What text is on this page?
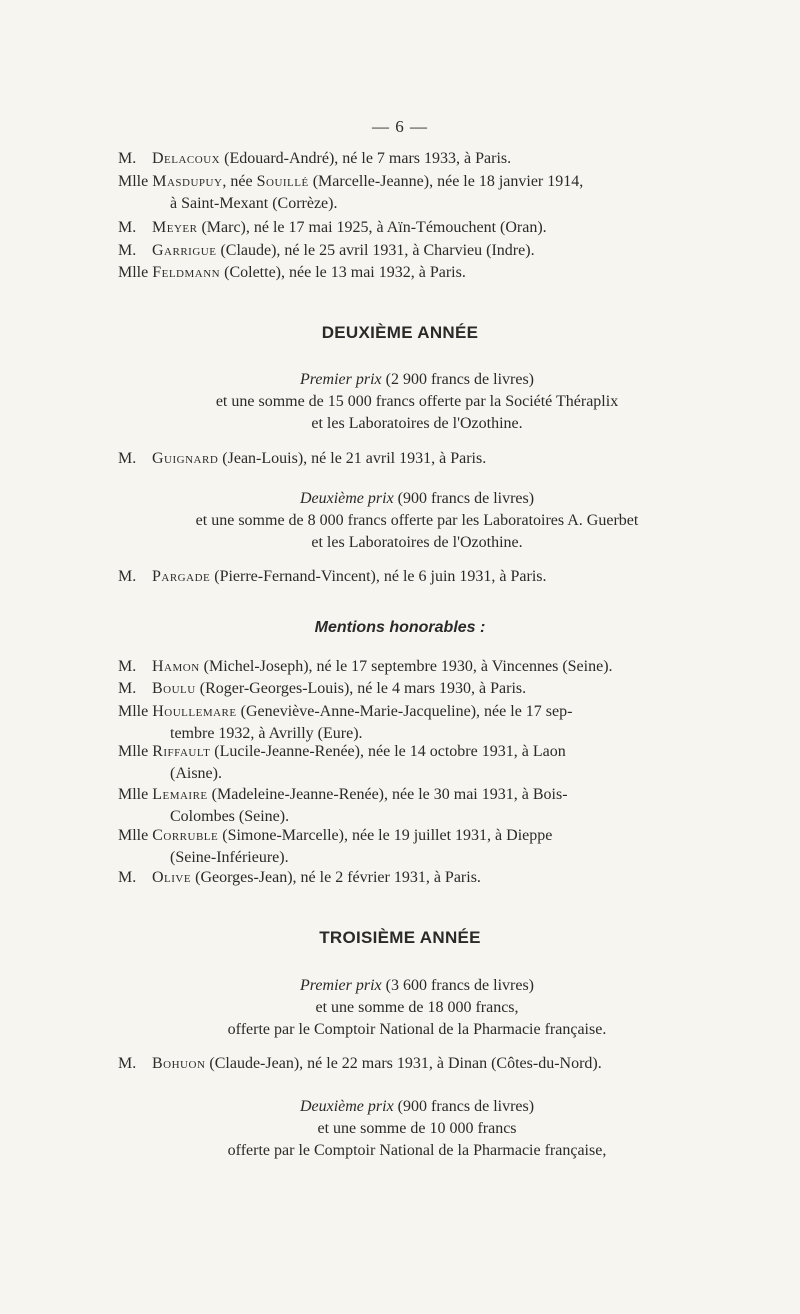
— 6 —
M. Delacoux (Edouard-André), né le 7 mars 1933, à Paris.
Mlle Masdupuy, née Souillé (Marcelle-Jeanne), née le 18 janvier 1914,
à Saint-Mexant (Corrèze).
M. Meyer (Marc), né le 17 mai 1925, à Aïn-Témouchent (Oran).
M. Garrigue (Claude), né le 25 avril 1931, à Charvieu (Indre).
Mlle Feldmann (Colette), née le 13 mai 1932, à Paris.
DEUXIÈME ANNÉE
Premier prix (2 900 francs de livres)
et une somme de 15 000 francs offerte par la Société Théraplix
et les Laboratoires de l'Ozothine.
M. Guignard (Jean-Louis), né le 21 avril 1931, à Paris.
Deuxième prix (900 francs de livres)
et une somme de 8 000 francs offerte par les Laboratoires A. Guerbet
et les Laboratoires de l'Ozothine.
M. Pargade (Pierre-Fernand-Vincent), né le 6 juin 1931, à Paris.
Mentions honorables :
M. Hamon (Michel-Joseph), né le 17 septembre 1930, à Vincennes (Seine).
M. Boulu (Roger-Georges-Louis), né le 4 mars 1930, à Paris.
Mlle Houllemare (Geneviève-Anne-Marie-Jacqueline), née le 17 sep-
tembre 1932, à Avrilly (Eure).
Mlle Riffault (Lucile-Jeanne-Renée), née le 14 octobre 1931, à Laon
(Aisne).
Mlle Lemaire (Madeleine-Jeanne-Renée), née le 30 mai 1931, à Bois-
Colombes (Seine).
Mlle Corruble (Simone-Marcelle), née le 19 juillet 1931, à Dieppe
(Seine-Inférieure).
M. Olive (Georges-Jean), né le 2 février 1931, à Paris.
TROISIÈME ANNÉE
Premier prix (3 600 francs de livres)
et une somme de 18 000 francs,
offerte par le Comptoir National de la Pharmacie française.
M. Bohuon (Claude-Jean), né le 22 mars 1931, à Dinan (Côtes-du-Nord).
Deuxième prix (900 francs de livres)
et une somme de 10 000 francs
offerte par le Comptoir National de la Pharmacie française,
